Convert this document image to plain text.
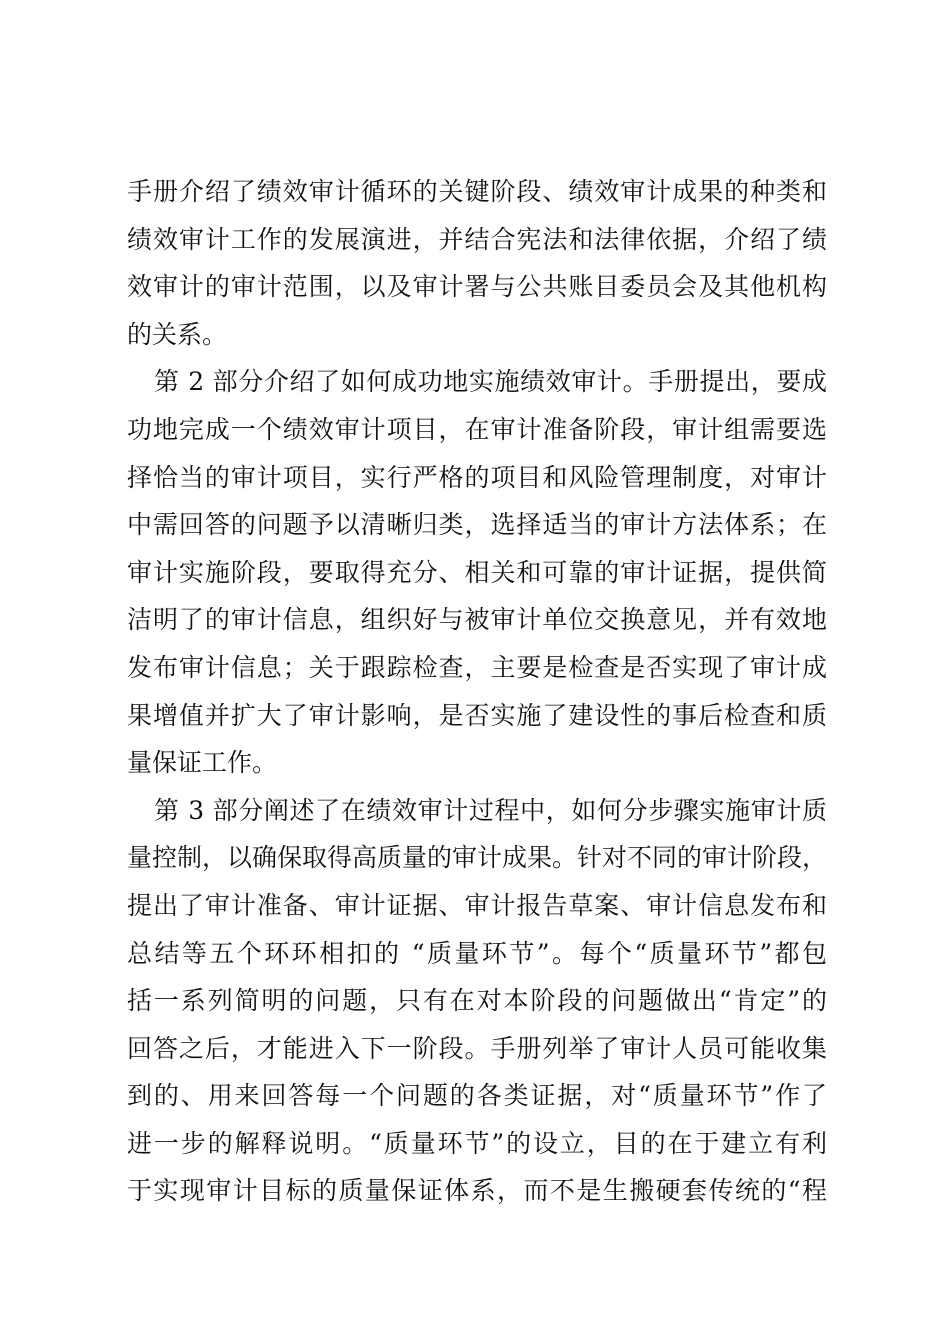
手册介绍了绩效审计循环的关键阶段、绩效审计成果的种类和
绩效审计工作的发展演进，并结合宪法和法律依据，介绍了绩
效审计的审计范围，以及审计署与公共账目委员会及其他机构
的关系。
第 2 部分介绍了如何成功地实施绩效审计。手册提出，要成
功地完成一个绩效审计项目，在审计准备阶段，审计组需要选
择恰当的审计项目，实行严格的项目和风险管理制度，对审计
中需回答的问题予以清晰归类，选择适当的审计方法体系；在
审计实施阶段，要取得充分、相关和可靠的审计证据，提供简
洁明了的审计信息，组织好与被审计单位交换意见，并有效地
发布审计信息；关于跟踪检查，主要是检查是否实现了审计成
果增值并扩大了审计影响，是否实施了建设性的事后检查和质
量保证工作。
第 3 部分阐述了在绩效审计过程中，如何分步骤实施审计质
量控制，以确保取得高质量的审计成果。针对不同的审计阶段，
提出了审计准备、审计证据、审计报告草案、审计信息发布和
总结等五个环环相扣的 “质量环节”。每个“质量环节”都包
括一系列简明的问题，只有在对本阶段的问题做出“肯定”的
回答之后，才能进入下一阶段。手册列举了审计人员可能收集
到的、用来回答每一个问题的各类证据，对“质量环节”作了
进一步的解释说明。“质量环节”的设立，目的在于建立有利
于实现审计目标的质量保证体系，而不是生搬硬套传统的“程
